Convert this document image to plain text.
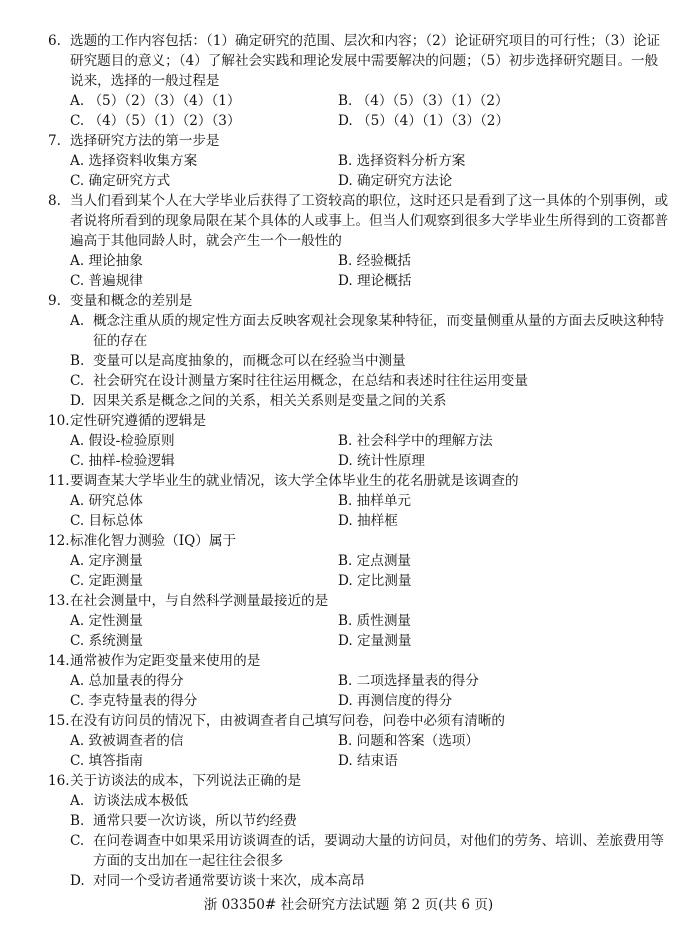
6. 选题的工作内容包括：（1）确定研究的范围、层次和内容；（2）论证研究项目的可行性；（3）论证研究题目的意义；（4）了解社会实践和理论发展中需要解决的问题；（5）初步选择研究题目。一般说来，选择的一般过程是
A. （5）（2）（3）（4）（1）	B. （4）（5）（3）（1）（2）
C. （4）（5）（1）（2）（3）	D. （5）（4）（1）（3）（2）
7. 选择研究方法的第一步是
A. 选择资料收集方案	B. 选择资料分析方案
C. 确定研究方式	D. 确定研究方法论
8. 当人们看到某个人在大学毕业后获得了工资较高的职位，这时还只是看到了这一具体的个别事例，或者说将所看到的现象局限在某个具体的人或事上。但当人们观察到很多大学毕业生所得到的工资都普遍高于其他同龄人时，就会产生一个一般性的
A. 理论抽象	B. 经验概括
C. 普遍规律	D. 理论概括
9. 变量和概念的差别是
A. 概念注重从质的规定性方面去反映客观社会现象某种特征，而变量侧重从量的方面去反映这种特征的存在
B. 变量可以是高度抽象的，而概念可以在经验当中测量
C. 社会研究在设计测量方案时往往运用概念，在总结和表述时往往运用变量
D. 因果关系是概念之间的关系，相关关系则是变量之间的关系
10. 定性研究遵循的逻辑是
A. 假设-检验原则	B. 社会科学中的理解方法
C. 抽样-检验逻辑	D. 统计性原理
11. 要调查某大学毕业生的就业情况，该大学全体毕业生的花名册就是该调查的
A. 研究总体	B. 抽样单元
C. 目标总体	D. 抽样框
12. 标准化智力测验（IQ）属于
A. 定序测量	B. 定点测量
C. 定距测量	D. 定比测量
13. 在社会测量中，与自然科学测量最接近的是
A. 定性测量	B. 质性测量
C. 系统测量	D. 定量测量
14. 通常被作为定距变量来使用的是
A. 总加量表的得分	B. 二项选择量表的得分
C. 李克特量表的得分	D. 再测信度的得分
15. 在没有访问员的情况下，由被调查者自己填写问卷，问卷中必须有清晰的
A. 致被调查者的信	B. 问题和答案（选项）
C. 填答指南	D. 结束语
16. 关于访谈法的成本，下列说法正确的是
A. 访谈法成本极低
B. 通常只要一次访谈，所以节约经费
C. 在问卷调查中如果采用访谈调查的话，要调动大量的访问员，对他们的劳务、培训、差旅费用等方面的支出加在一起往往会很多
D. 对同一个受访者通常要访谈十来次，成本高昂
浙 03350# 社会研究方法试题 第 2 页(共 6 页)
